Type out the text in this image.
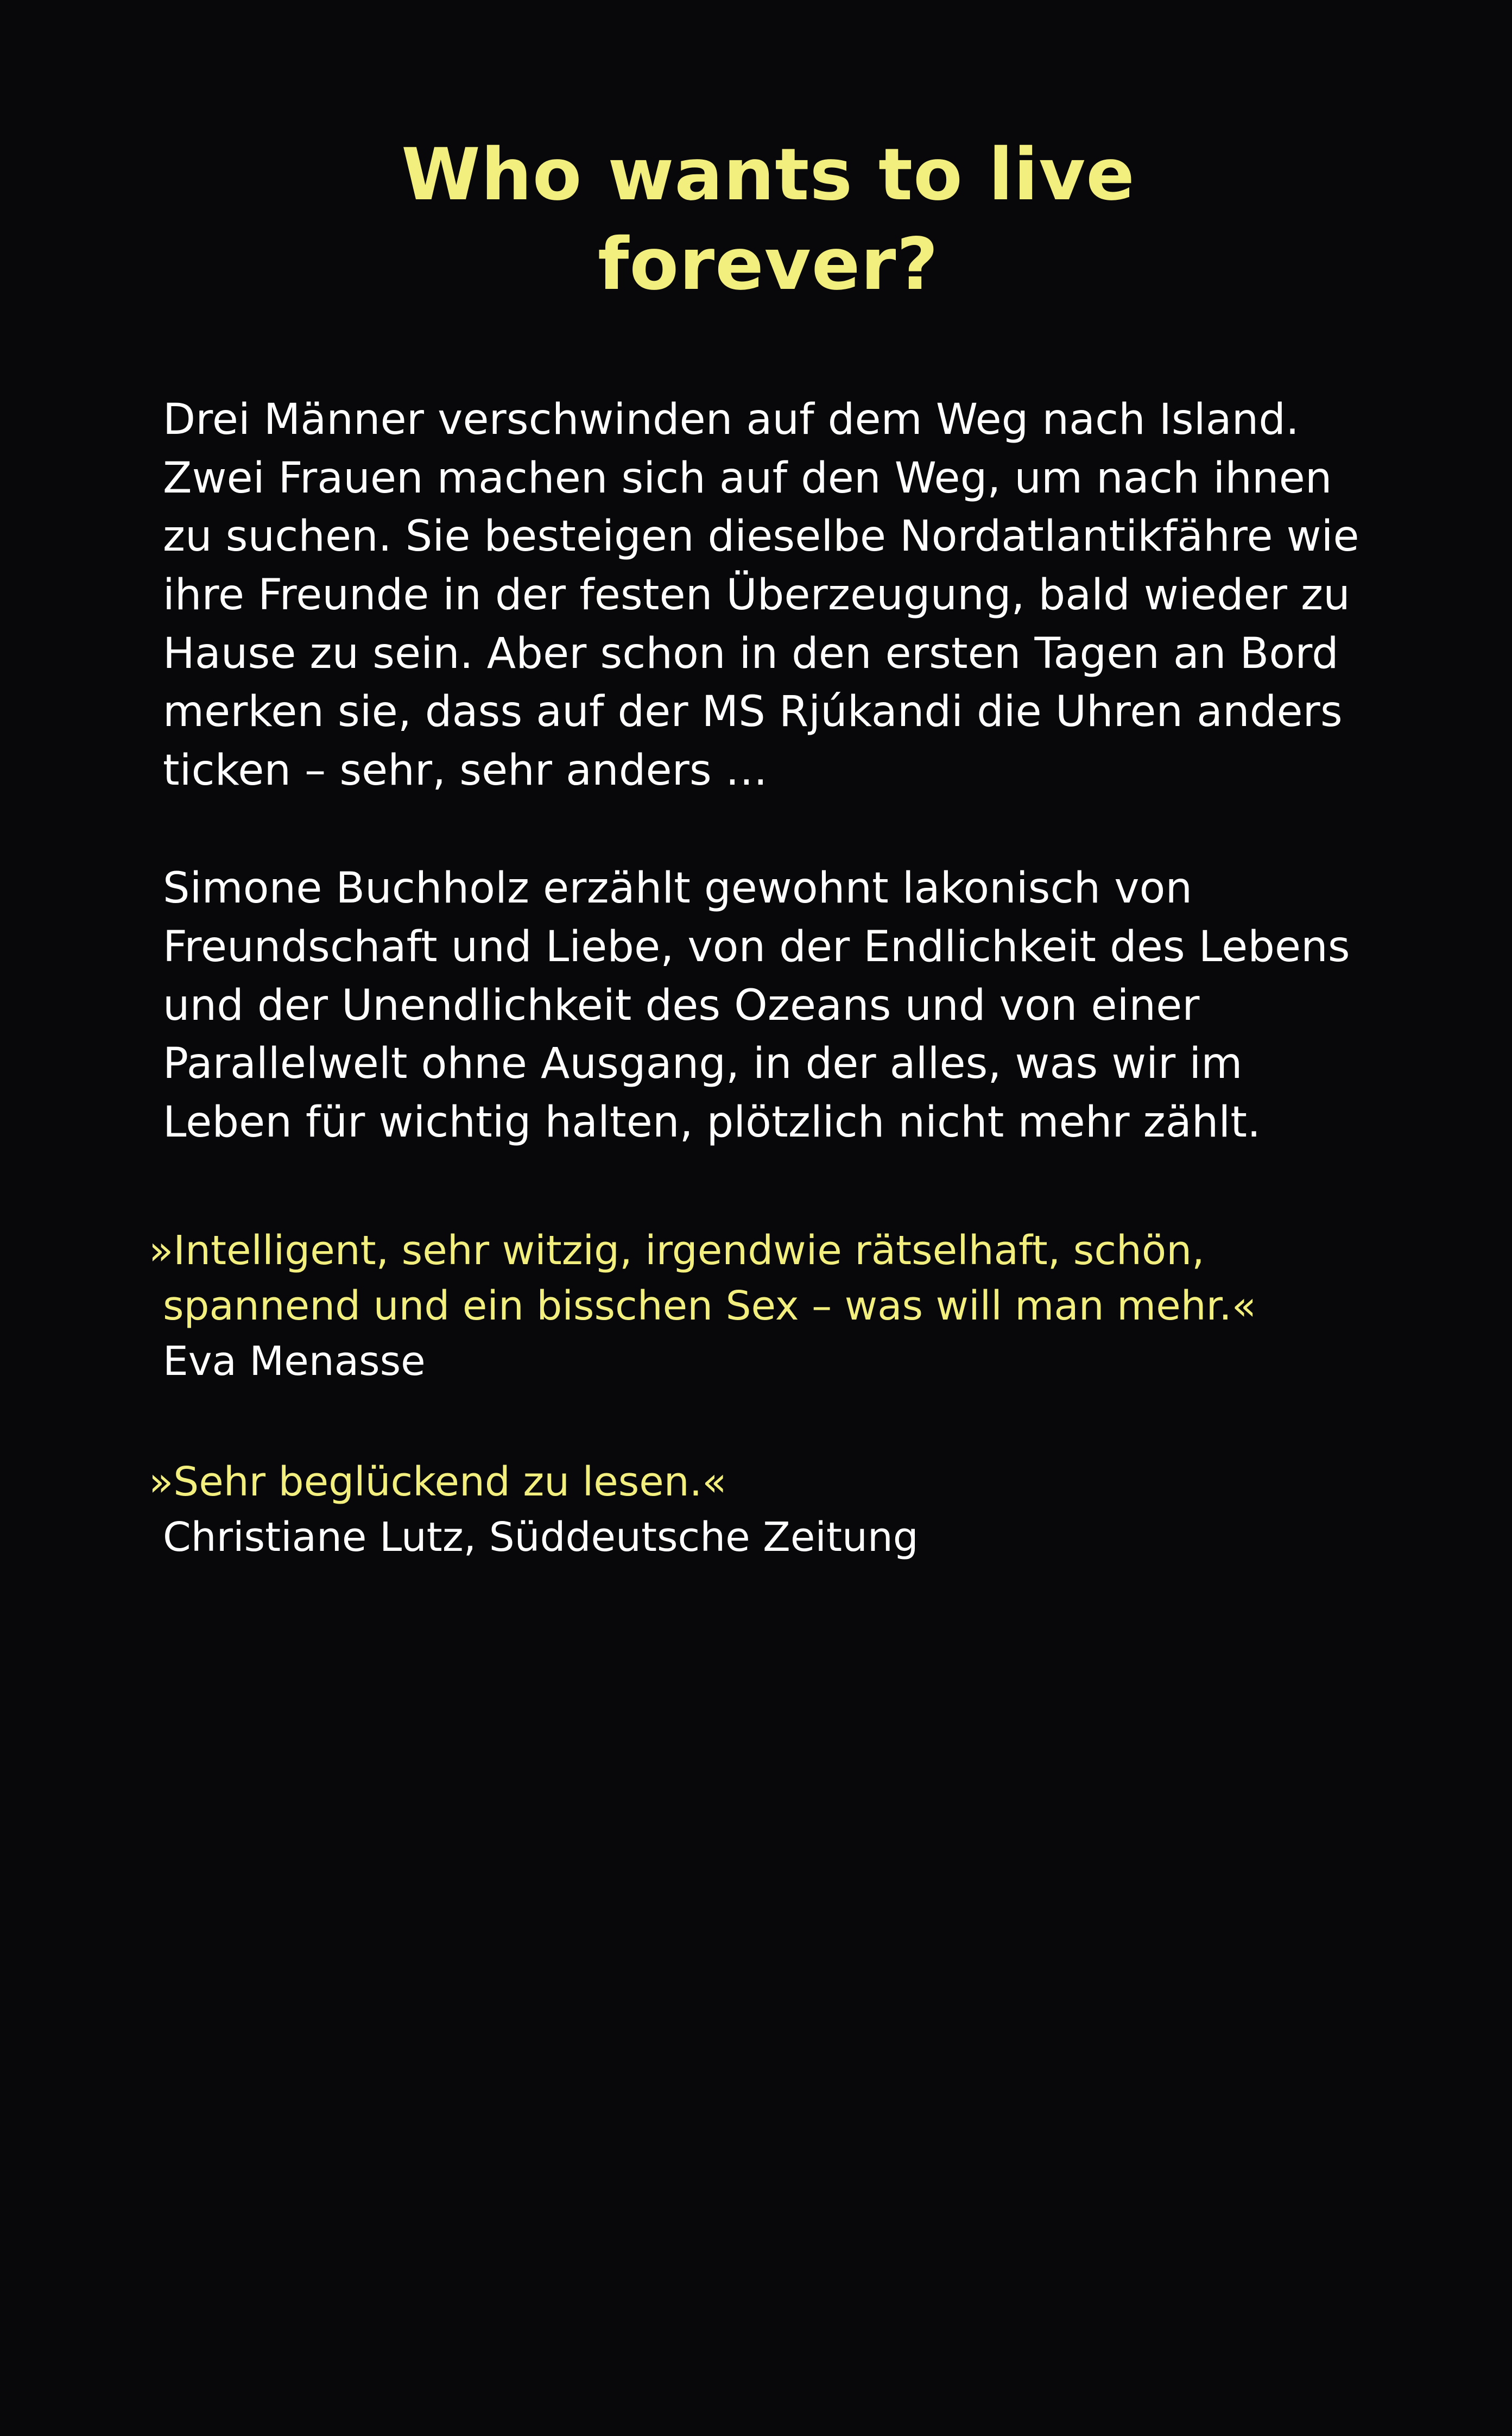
Who wants to live
forever?

Drei Männer verschwinden auf dem Weg nach Island. Zwei Frauen machen sich auf den Weg, um nach ihnen zu suchen. Sie besteigen dieselbe Nordatlantikfähre wie ihre Freunde in der festen Überzeugung, bald wieder zu Hause zu sein. Aber schon in den ersten Tagen an Bord merken sie, dass auf der MS Rjúkandi die Uhren anders ticken – sehr, sehr anders …

Simone Buchholz erzählt gewohnt lakonisch von Freundschaft und Liebe, von der Endlichkeit des Lebens und der Unendlichkeit des Ozeans und von einer Parallelwelt ohne Ausgang, in der alles, was wir im Leben für wichtig halten, plötzlich nicht mehr zählt.

»Intelligent, sehr witzig, irgendwie rätselhaft, schön, spannend und ein bisschen Sex – was will man mehr.«

Eva Menasse

»Sehr beglückend zu lesen.«

Christiane Lutz, Süddeutsche Zeitung
